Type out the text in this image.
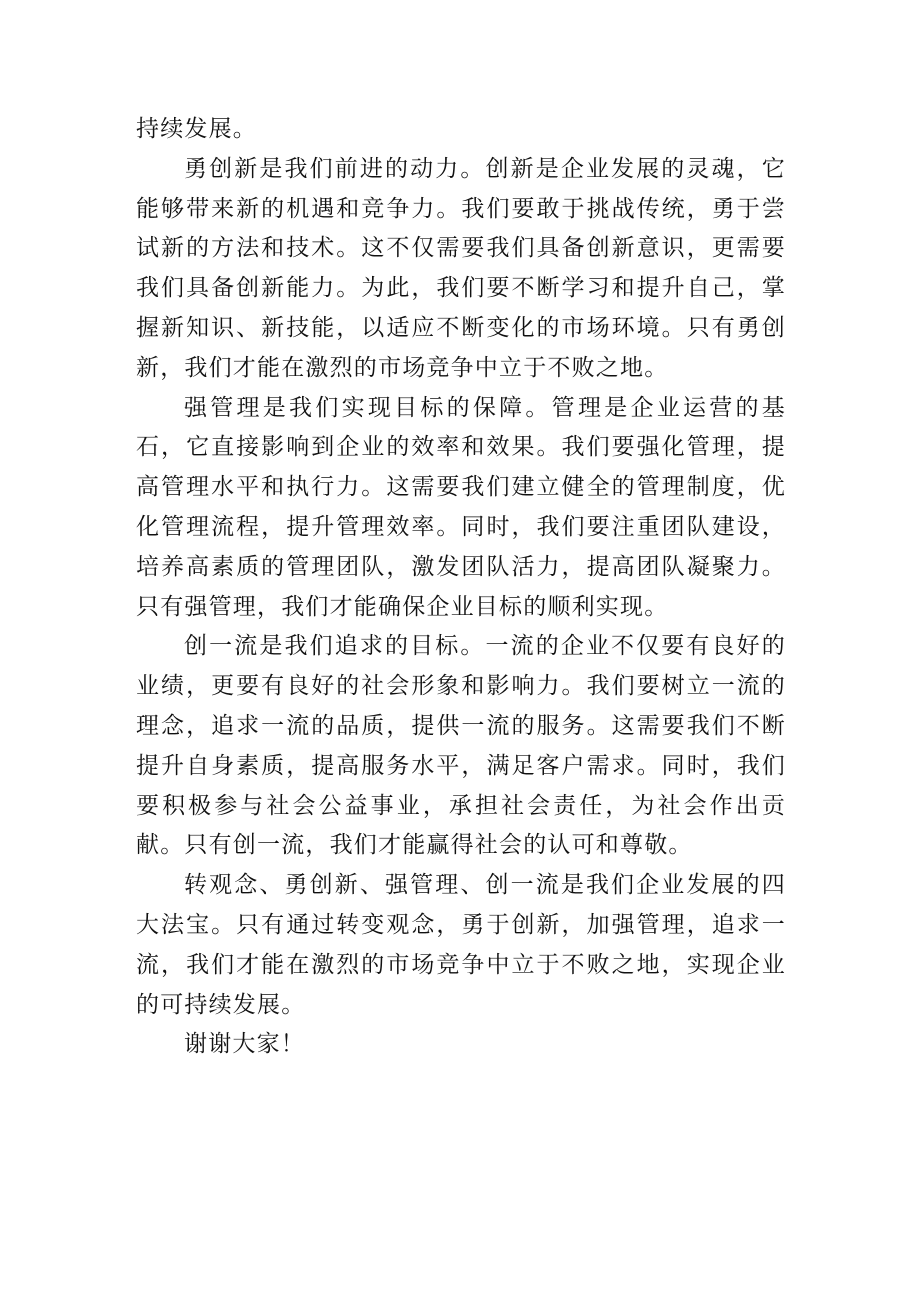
持续发展。

勇创新是我们前进的动力。创新是企业发展的灵魂，它能够带来新的机遇和竞争力。我们要敢于挑战传统，勇于尝试新的方法和技术。这不仅需要我们具备创新意识，更需要我们具备创新能力。为此，我们要不断学习和提升自己，掌握新知识、新技能，以适应不断变化的市场环境。只有勇创新，我们才能在激烈的市场竞争中立于不败之地。

强管理是我们实现目标的保障。管理是企业运营的基石，它直接影响到企业的效率和效果。我们要强化管理，提高管理水平和执行力。这需要我们建立健全的管理制度，优化管理流程，提升管理效率。同时，我们要注重团队建设，培养高素质的管理团队，激发团队活力，提高团队凝聚力。只有强管理，我们才能确保企业目标的顺利实现。

创一流是我们追求的目标。一流的企业不仅要有良好的业绩，更要有良好的社会形象和影响力。我们要树立一流的理念，追求一流的品质，提供一流的服务。这需要我们不断提升自身素质，提高服务水平，满足客户需求。同时，我们要积极参与社会公益事业，承担社会责任，为社会作出贡献。只有创一流，我们才能赢得社会的认可和尊敬。

转观念、勇创新、强管理、创一流是我们企业发展的四大法宝。只有通过转变观念，勇于创新，加强管理，追求一流，我们才能在激烈的市场竞争中立于不败之地，实现企业的可持续发展。

谢谢大家！
